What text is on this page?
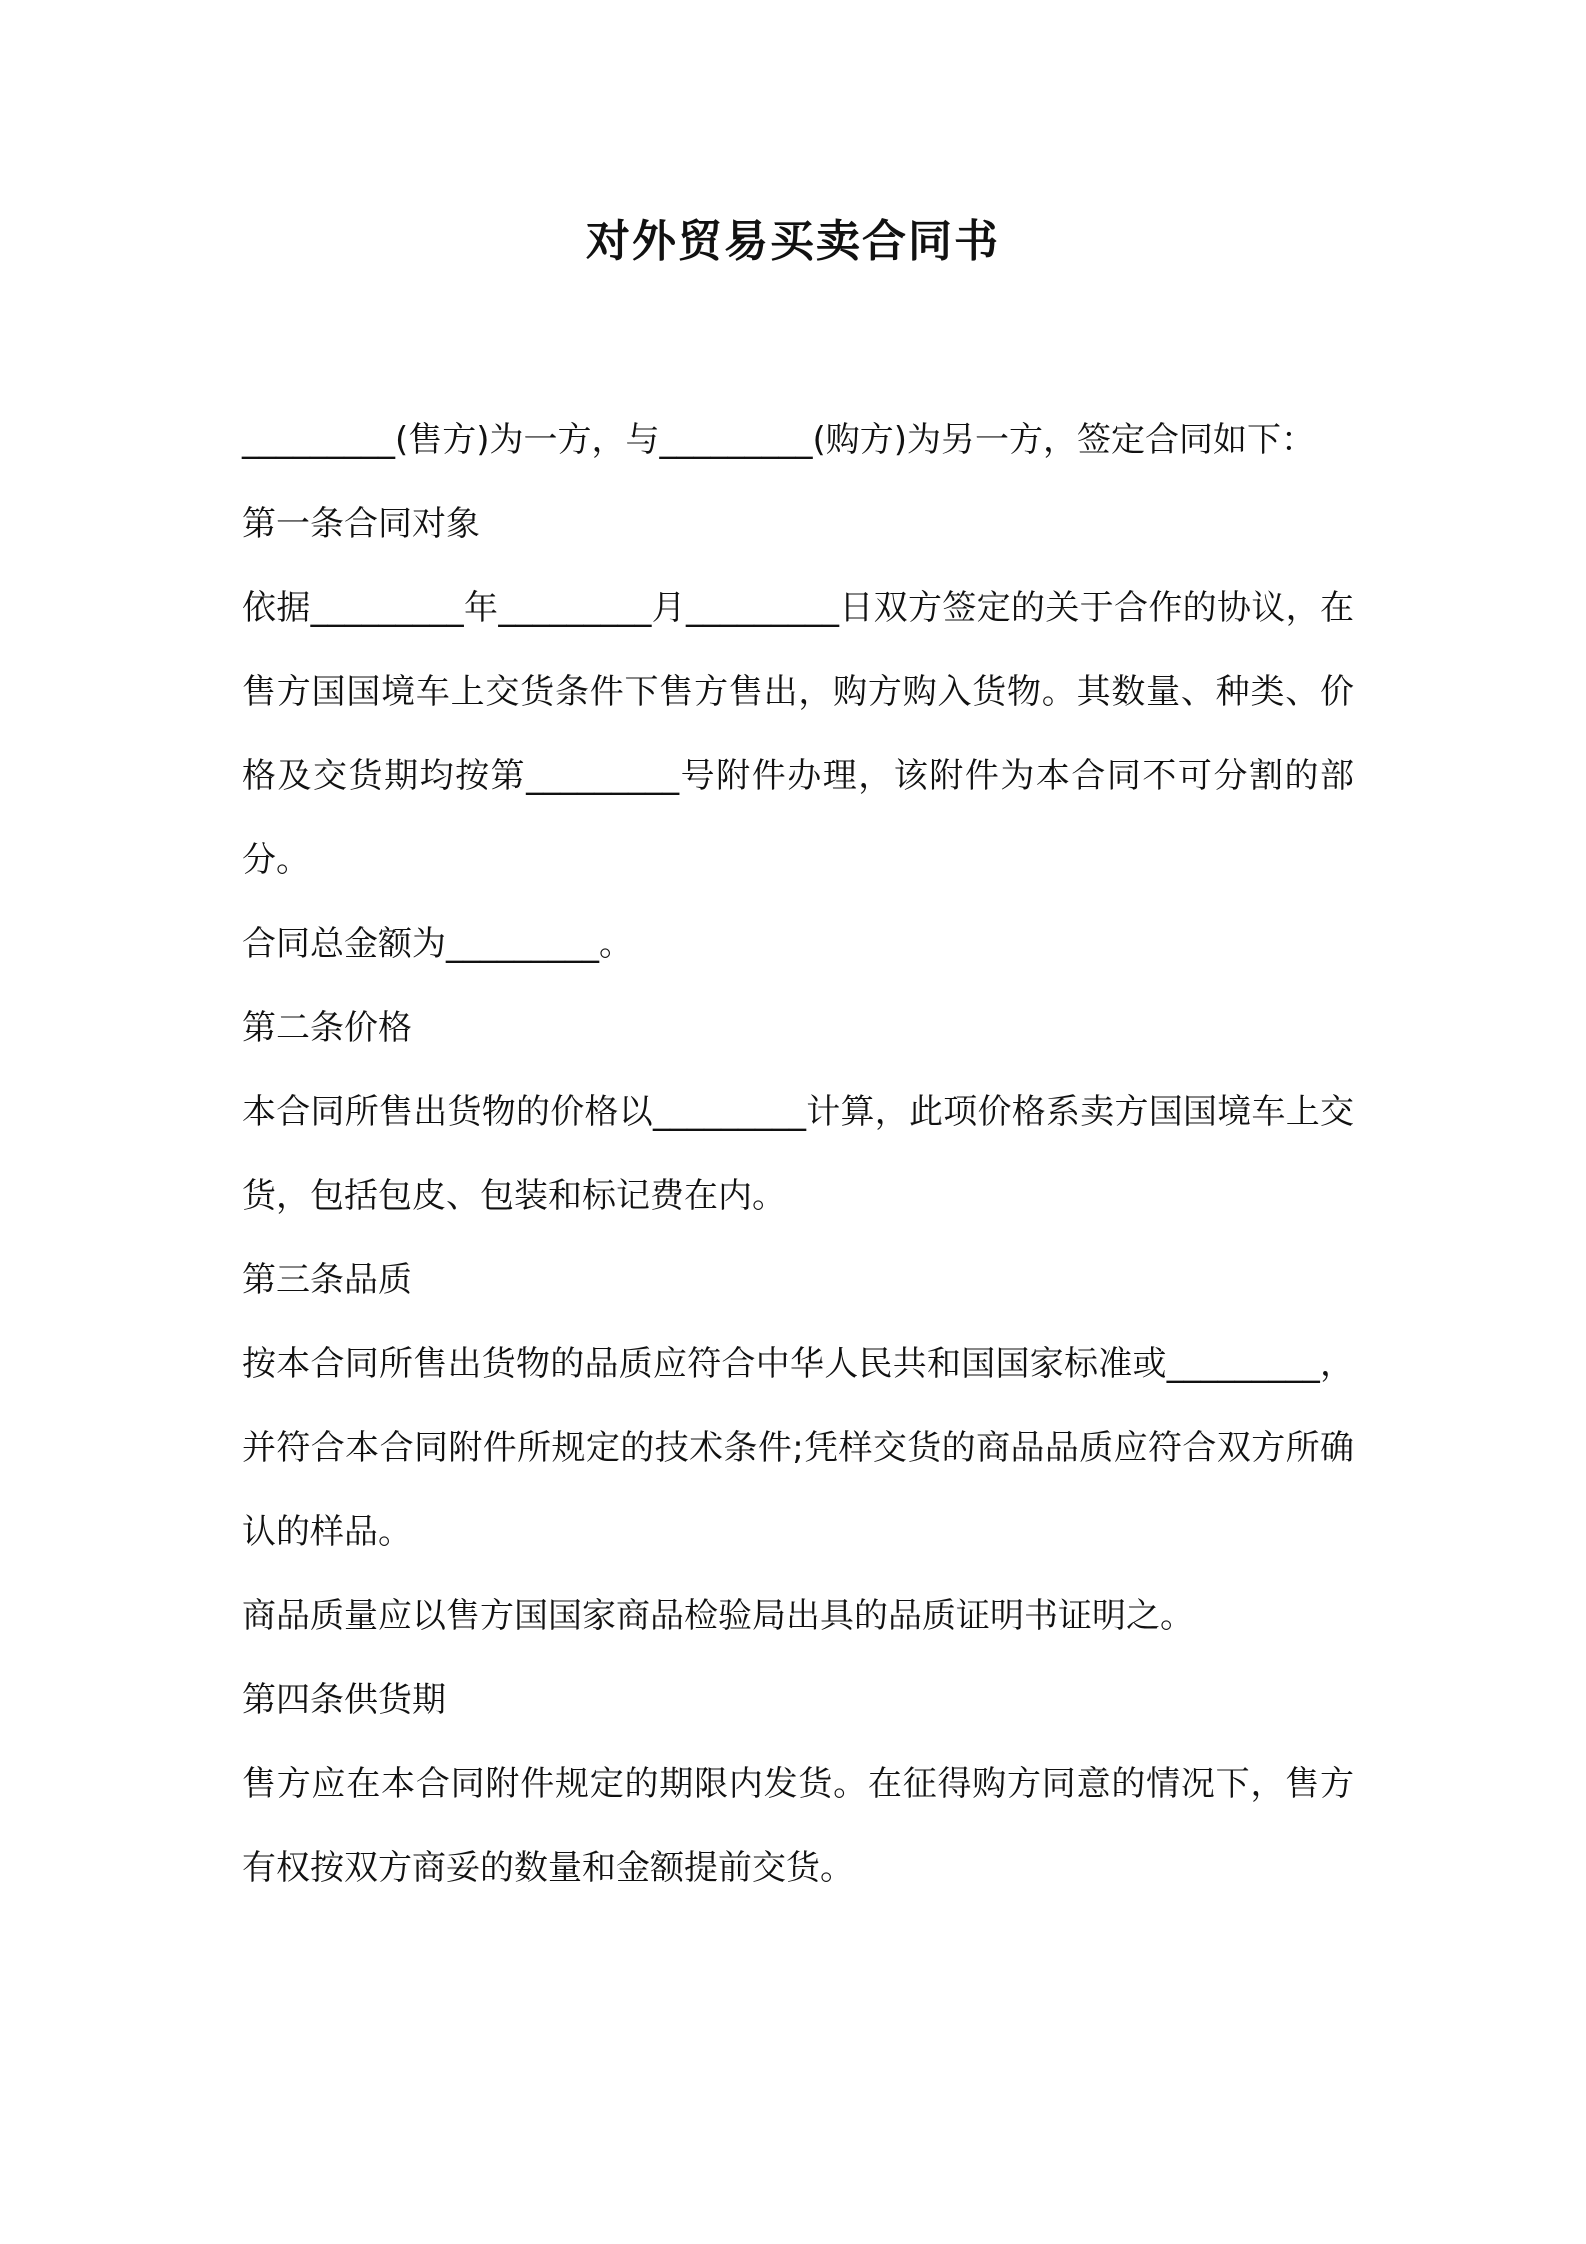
对外贸易买卖合同书

_________(售方)为一方，与_________(购方)为另一方，签定合同如下：

第一条合同对象

依据_________年_________月_________日双方签定的关于合作的协议，在售方国国境车上交货条件下售方售出，购方购入货物。其数量、种类、价格及交货期均按第_________号附件办理，该附件为本合同不可分割的部分。

合同总金额为_________。

第二条价格

本合同所售出货物的价格以_________计算，此项价格系卖方国国境车上交货，包括包皮、包装和标记费在内。

第三条品质

按本合同所售出货物的品质应符合中华人民共和国国家标准或_________，并符合本合同附件所规定的技术条件;凭样交货的商品品质应符合双方所确认的样品。

商品质量应以售方国国家商品检验局出具的品质证明书证明之。

第四条供货期

售方应在本合同附件规定的期限内发货。在征得购方同意的情况下，售方有权按双方商妥的数量和金额提前交货。
